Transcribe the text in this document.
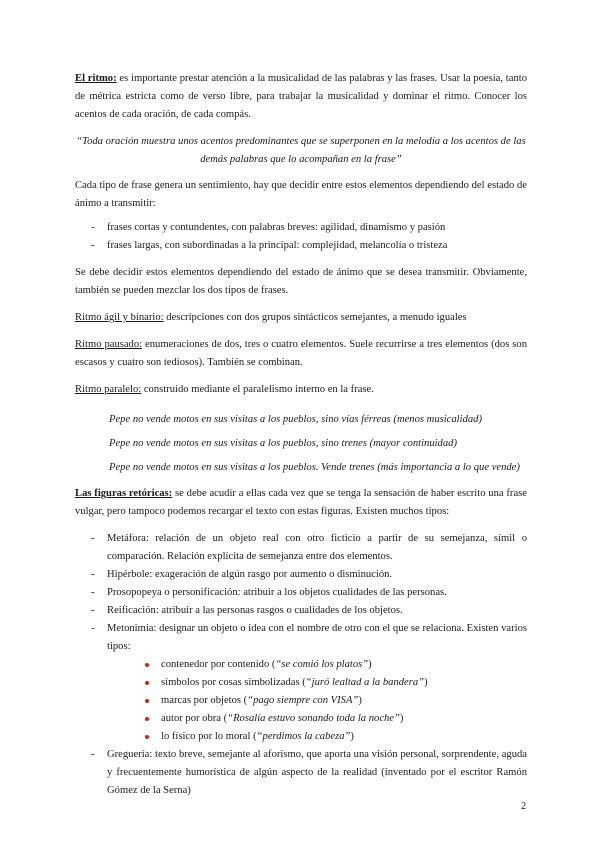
El ritmo: es importante prestar atención a la musicalidad de las palabras y las frases. Usar la poesía, tanto de métrica estricta como de verso libre, para trabajar la musicalidad y dominar el ritmo. Conocer los acentos de cada oración, de cada compás.

“Toda oración muestra unos acentos predominantes que se superponen en la melodía a los acentos de las demás palabras que lo acompañan en la frase”

Cada tipo de frase genera un sentimiento, hay que decidir entre estos elementos dependiendo del estado de ánimo a transmitir:

- frases cortas y contundentes, con palabras breves: agilidad, dinamismo y pasión
- frases largas, con subordinadas a la principal: complejidad, melancolía o tristeza

Se debe decidir estos elementos dependiendo del estado de ánimo que se desea transmitir. Obviamente, también se pueden mezclar los dos tipos de frases.

Ritmo ágil y binario: descripciones con dos grupos sintácticos semejantes, a menudo iguales

Ritmo pausado: enumeraciones de dos, tres o cuatro elementos. Suele recurrirse a tres elementos (dos son escasos y cuatro son tediosos). También se combinan.

Ritmo paralelo: construido mediante el paralelismo interno en la frase.

Pepe no vende motos en sus visitas a los pueblos, sino vías férreas (menos musicalidad)
Pepe no vende motos en sus visitas a los pueblos, sino trenes (mayor continuidad)
Pepe no vende motos en sus visitas a los pueblos. Vende trenes (más importancia a lo que vende)

Las figuras retóricas: se debe acudir a ellas cada vez que se tenga la sensación de haber escrito una frase vulgar, pero tampoco podemos recargar el texto con estas figuras. Existen muchos tipos:

- Metáfora: relación de un objeto real con otro ficticio a partir de su semejanza, símil o comparación. Relación explícita de semejanza entre dos elementos.
- Hipérbole: exageración de algún rasgo por aumento o disminución.
- Prosopopeya o personificación: atribuir a los objetos cualidades de las personas.
- Reificación: atribuir a las personas rasgos o cualidades de los objetos.
- Metonimia: designar un objeto o idea con el nombre de otro con el que se relaciona. Existen varios tipos:
contenedor por contenido (“se comió los platos”)
símbolos por cosas simbolizadas (“juró lealtad a la bandera”)
marcas por objetos (“pago siempre con VISA”)
autor por obra (“Rosalía estuvo sonando toda la noche”)
lo físico por lo moral (“perdimos la cabeza”)
- Greguería: texto breve, semejante al aforismo, que aporta una visión personal, sorprendente, aguda y frecuentemente humorística de algún aspecto de la realidad (inventado por el escritor Ramón Gómez de la Serna)
2
